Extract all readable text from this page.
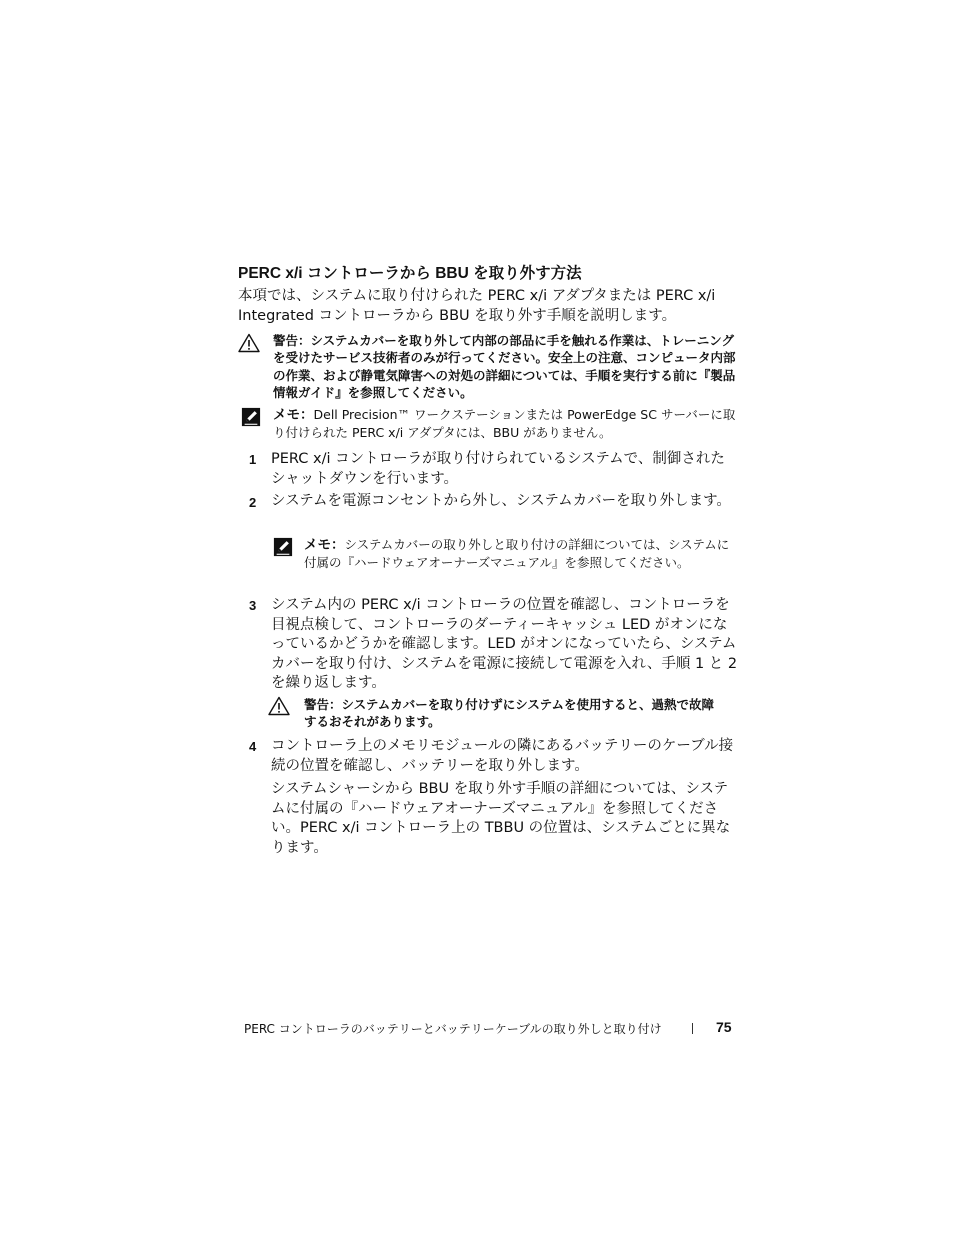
PERC x/i コントローラから BBU を取り外す方法
本項では、システムに取り付けられた PERC x/i アダプタまたは PERC x/i Integrated コントローラから BBU を取り外す手順を説明します。
警告：システムカバーを取り外して内部の部品に手を触れる作業は、トレーニングを受けたサービス技術者のみが行ってください。安全上の注意、コンピュータ内部の作業、および静電気障害への対処の詳細については、手順を実行する前に『製品情報ガイド』を参照してください。
メモ：Dell Precision™ ワークステーションまたは PowerEdge SC サーバーに取り付けられた PERC x/i アダプタには、BBU がありません。
1 PERC x/i コントローラが取り付けられているシステムで、制御されたシャットダウンを行います。
2 システムを電源コンセントから外し、システムカバーを取り外します。
メモ：システムカバーの取り外しと取り付けの詳細については、システムに付属の『ハードウェアオーナーズマニュアル』を参照してください。
3 システム内の PERC x/i コントローラの位置を確認し、コントローラを目視点検して、コントローラのダーティーキャッシュ LED がオンになっているかどうかを確認します。LED がオンになっていたら、システムカバーを取り付け、システムを電源に接続して電源を入れ、手順 1 と 2 を繰り返します。
警告：システムカバーを取り付けずにシステムを使用すると、過熱で故障するおそれがあります。
4 コントローラ上のメモリモジュールの隣にあるバッテリーのケーブル接続の位置を確認し、バッテリーを取り外します。
システムシャーシから BBU を取り外す手順の詳細については、システムに付属の『ハードウェアオーナーズマニュアル』を参照してください。PERC x/i コントローラ上の TBBU の位置は、システムごとに異なります。
PERC コントローラのバッテリーとバッテリーケーブルの取り外しと取り付け	75
